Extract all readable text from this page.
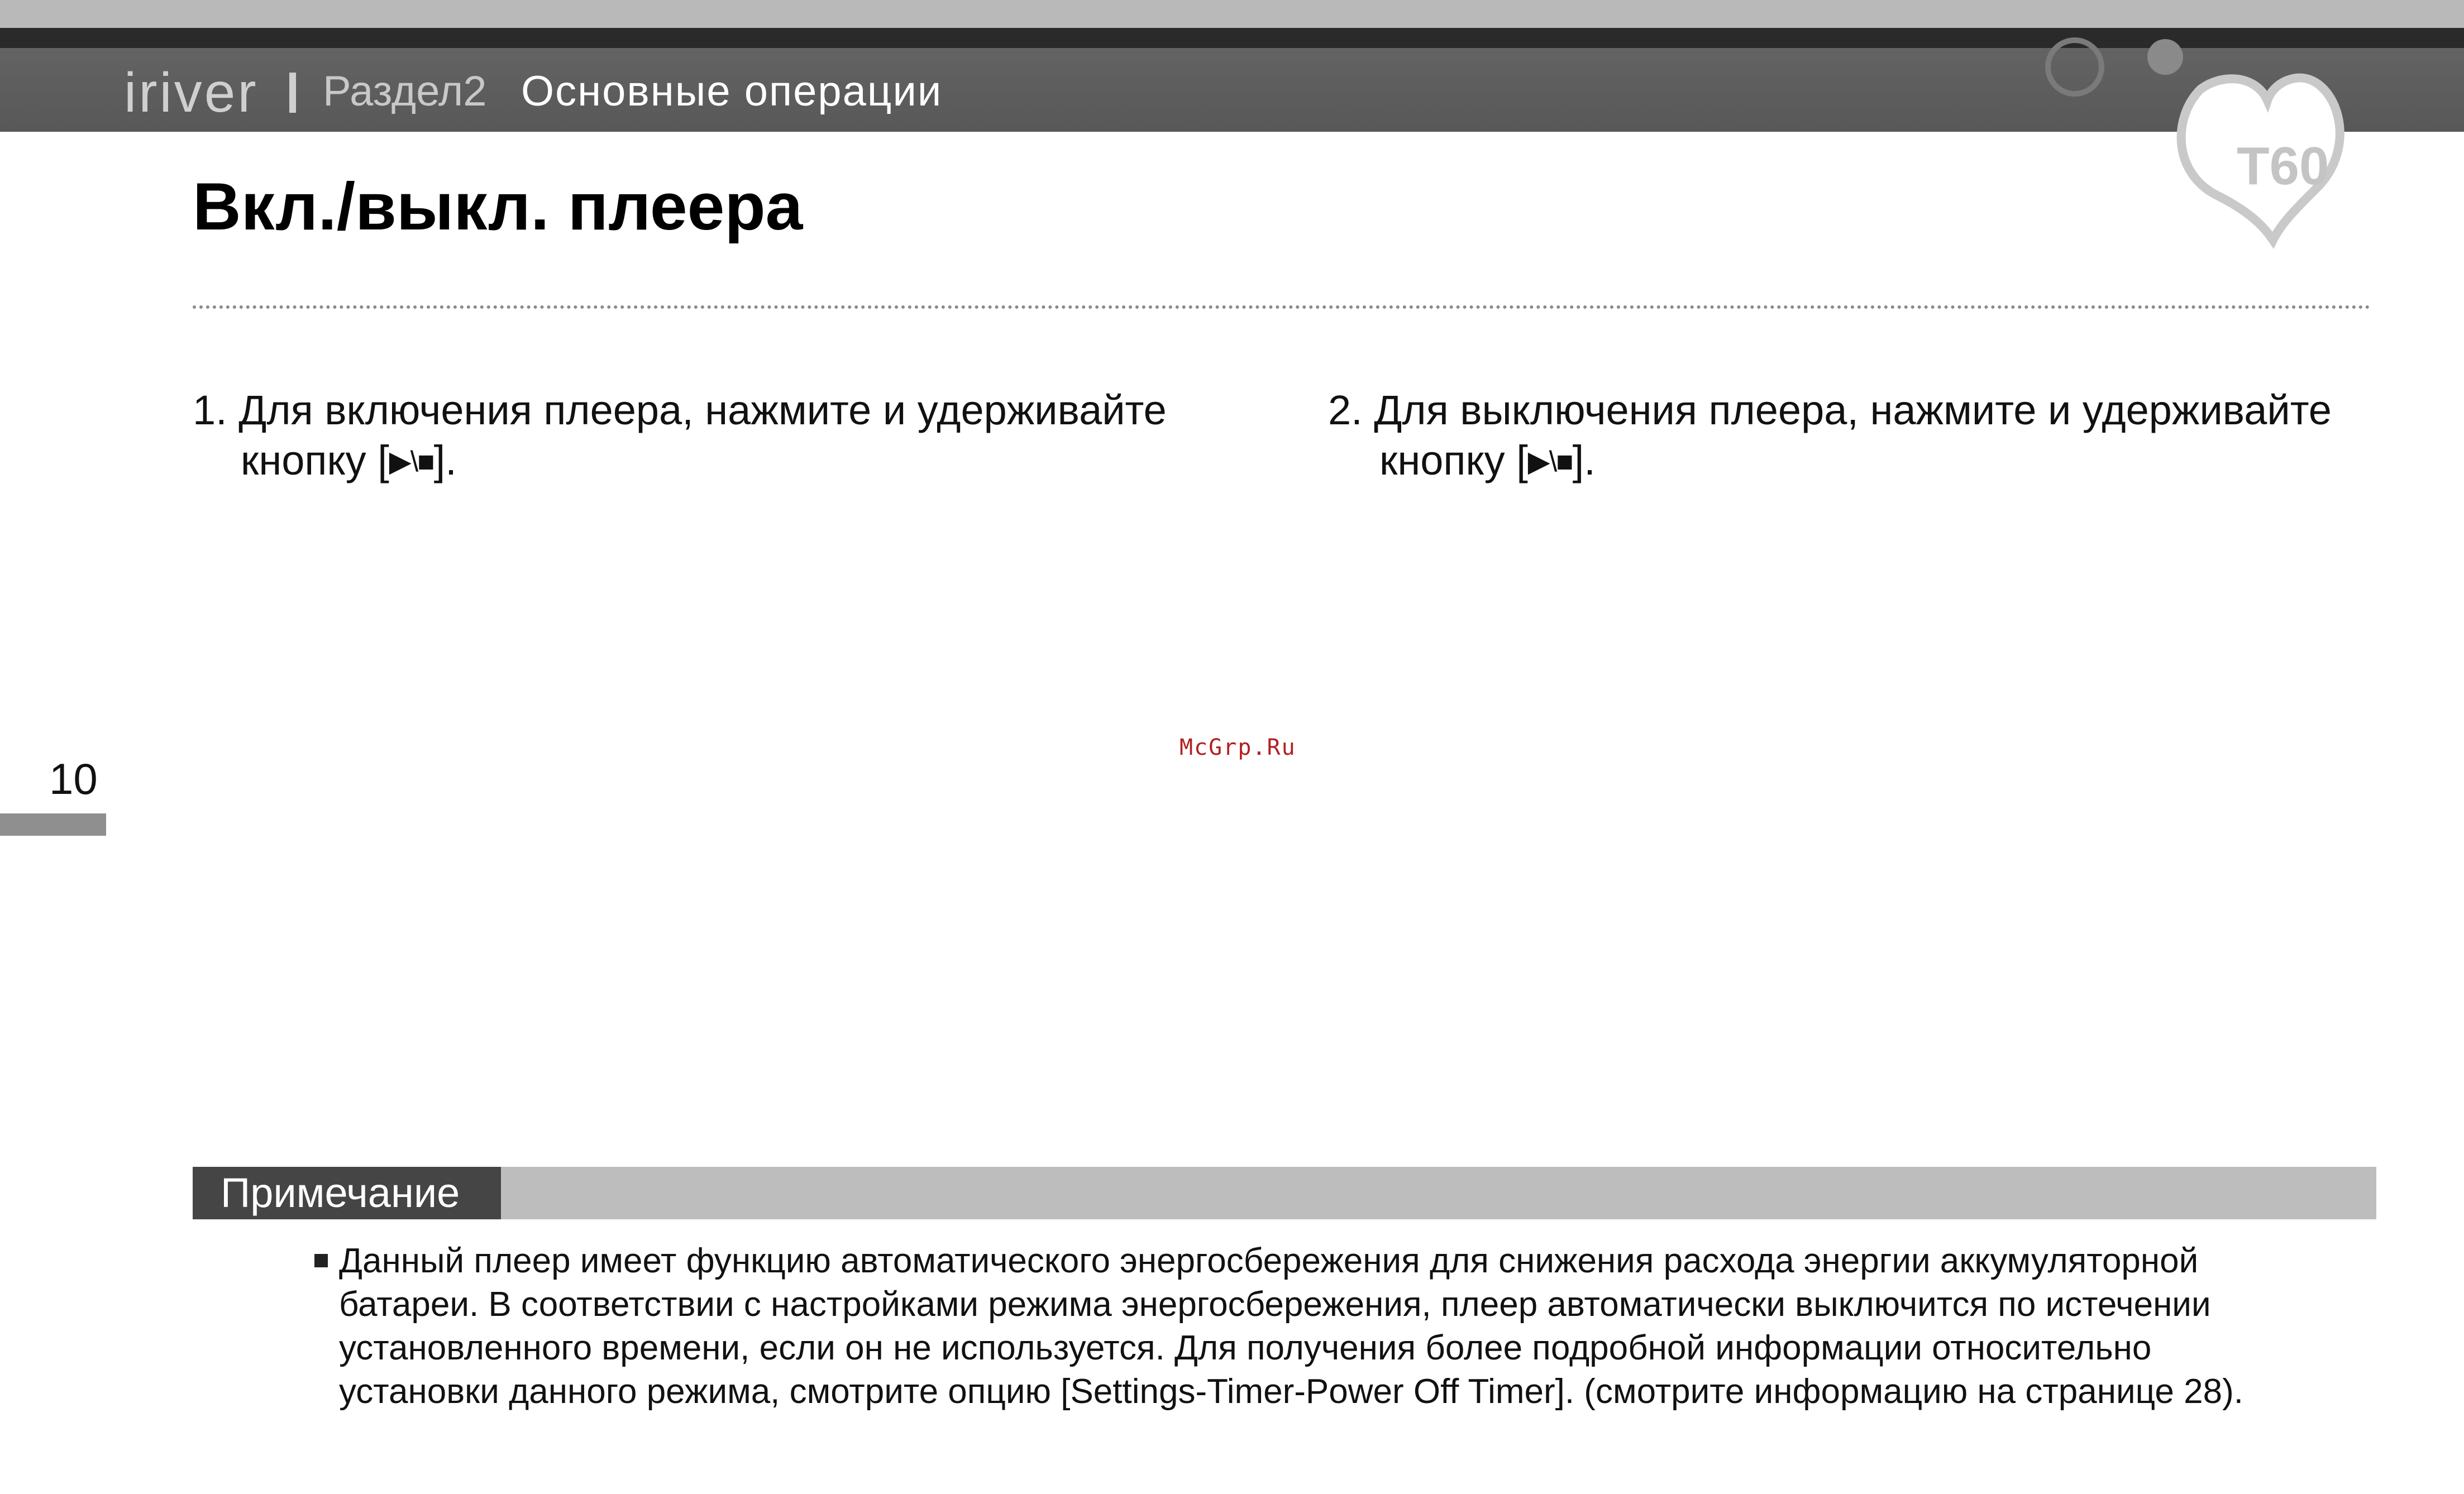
iriver Раздел2 Основные операции
T60
Вкл./выкл. плеера
1. Для включения плеера, нажмите и удерживайте
кнопку [▶\■].
2. Для выключения плеера, нажмите и удерживайте
кнопку [▶\■].
McGrp.Ru
10
Примечание
Данный плеер имеет функцию автоматического энергосбережения для снижения расхода энергии аккумуляторной
батареи. В соответствии с настройками режима энергосбережения, плеер автоматически выключится по истечении
установленного времени, если он не используется. Для получения более подробной информации относительно
установки данного режима, смотрите опцию [Settings-Timer-Power Off Timer]. (смотрите информацию на странице 28).
